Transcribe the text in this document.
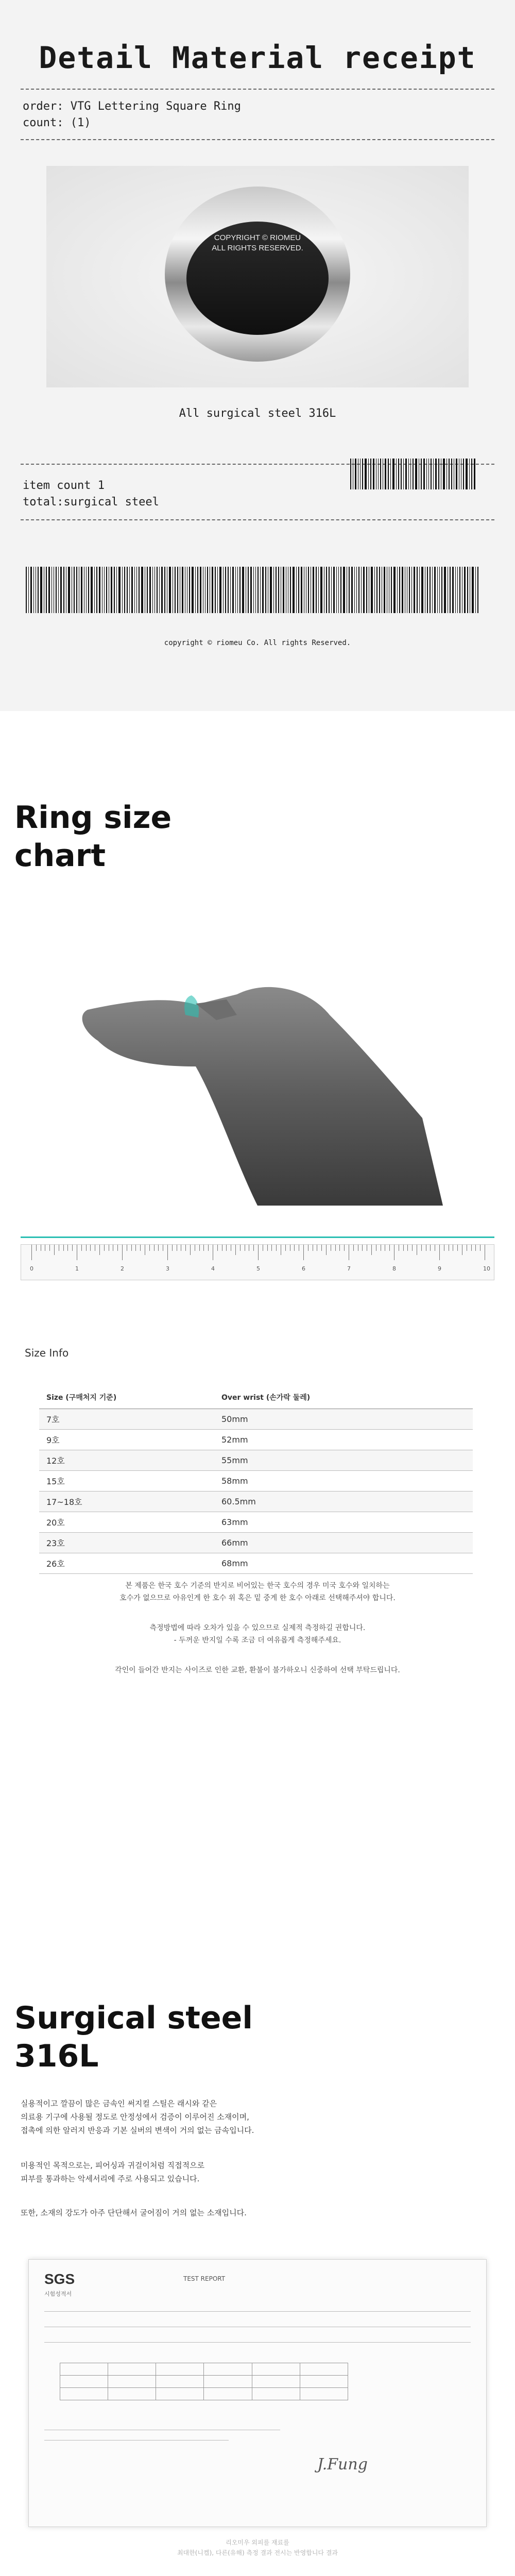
Detail Material receipt
order: VTG Lettering Square Ring
count: (1)
COPYRIGHT © RIOMEU
ALL RIGHTS RESERVED.
All surgical steel 316L
item count 1
total:surgical steel
copyright © riomeu Co. All rights Reserved.
Ring size
chart
0	1	2	3	4	5	6	7	8	9	10
Size Info
Size (구매처지 기준)	Over wrist (손가락 둘레)
7호	50mm
9호	52mm
12호	55mm
15호	58mm
17~18호	60.5mm
20호	63mm
23호	66mm
26호	68mm
본 제품은 한국 호수 기준의 반지로 비어있는 한국 호수의 경우 미국 호수와 일치하는
호수가 없으므로 아유인게 한 호수 위 혹은 밑 중게 한 호수 아래로 선택해주셔야 합니다.
측정방법에 따라 오차가 있을 수 있으므로 실제적 측정하길 권합니다.
- 두꺼운 반지일 수록 조금 더 여유롭게 측정해주세요.
각인이 들어간 반지는 사이즈로 인한 교환, 환불이 불가하오니 신중하여 선택 부탁드립니다.
Surgical steel
316L
실용적이고 깔끔이 많은 금속인 써지컬 스틸은 래시와 같은
의료용 기구에 사용될 정도로 안정성에서 검증이 이루어진 소재이며,
접촉에 의한 알러지 반응과 기본 실버의 변색이 거의 없는 금속입니다.
미용적인 목적으로는, 피어싱과 귀걸이처럼 직접적으로
피부를 통과하는 악세서리에 주로 사용되고 있습니다.
또한, 소재의 강도가 아주 단단해서 굴어짐이 거의 없는 소재입니다.
SGS
시험성적서
TEST REPORT

J.Fung
리오미우 외피를 재료를
최대한(니켈), 다른(유해) 측정 결과 전시는 반영합니다 결과
